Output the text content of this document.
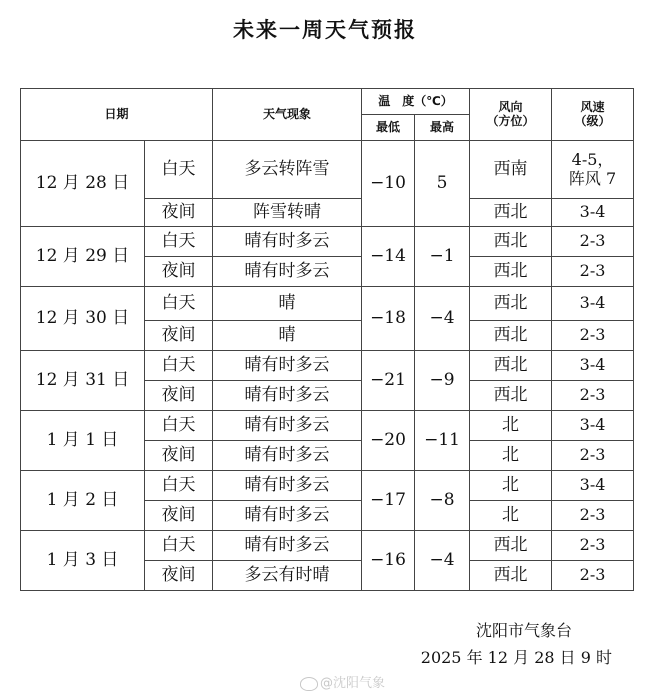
未来一周天气预报
日期		天气现象	温　度（℃）		风向
（方位）	风速
（级）
			最低	最高		
12 月 28 日	白天	多云转阵雪	−10	5	西南	4-5，
阵风 7
	夜间	阵雪转晴			西北	3-4
12 月 29 日	白天	晴有时多云	−14	−1	西北	2-3
	夜间	晴有时多云			西北	2-3
12 月 30 日	白天	晴	−18	−4	西北	3-4
	夜间	晴			西北	2-3
12 月 31 日	白天	晴有时多云	−21	−9	西北	3-4
	夜间	晴有时多云			西北	2-3
1 月 1 日	白天	晴有时多云	−20	−11	北	3-4
	夜间	晴有时多云			北	2-3
1 月 2 日	白天	晴有时多云	−17	−8	北	3-4
	夜间	晴有时多云			北	2-3
1 月 3 日	白天	晴有时多云	−16	−4	西北	2-3
	夜间	多云有时晴			西北	2-3
沈阳市气象台
2025 年 12 月 28 日 9 时
@沈阳气象
